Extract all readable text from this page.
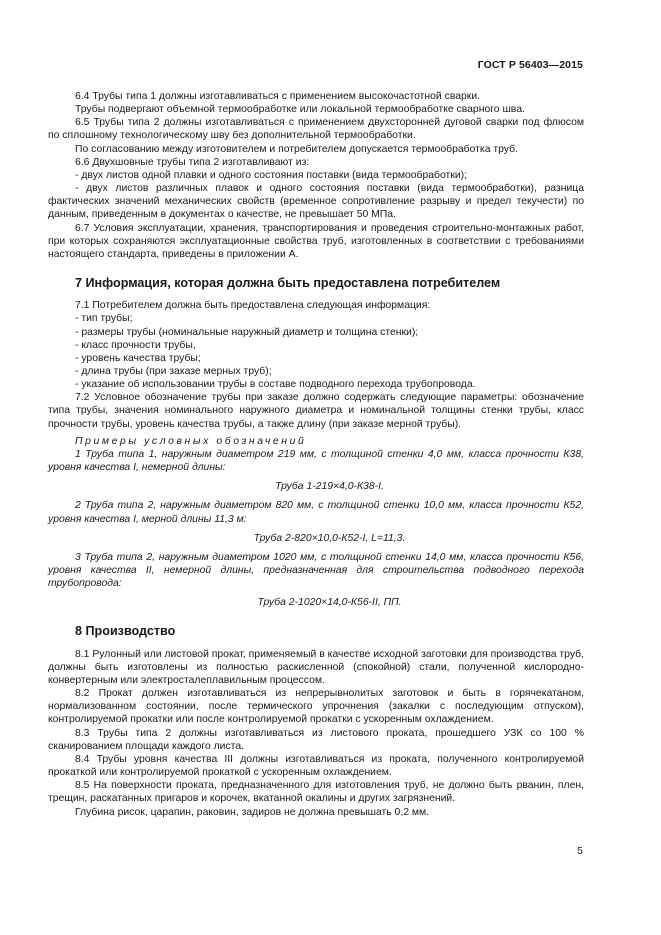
ГОСТ Р 56403—2015

6.4 Трубы типа 1 должны изготавливаться с применением высокочастотной сварки.

Трубы подвергают объемной термообработке или локальной термообработке сварного шва.

6.5 Трубы типа 2 должны изготавливаться с применением двухсторонней дуговой сварки под флюсом по сплошному технологическому шву без дополнительной термообработки.

По согласованию между изготовителем и потребителем допускается термообработка труб.

6.6 Двухшовные трубы типа 2 изготавливают из:

- двух листов одной плавки и одного состояния поставки (вида термообработки);

- двух листов различных плавок и одного состояния поставки (вида термообработки), разница фактических значений механических свойств (временное сопротивление разрыву и предел текучести) по данным, приведенным в документах о качестве, не превышает 50 МПа.

6.7 Условия эксплуатации, хранения, транспортирования и проведения строительно-монтажных работ, при которых сохраняются эксплуатационные свойства труб, изготовленных в соответствии с требованиями настоящего стандарта, приведены в приложении А.

7 Информация, которая должна быть предоставлена потребителем

7.1 Потребителем должна быть предоставлена следующая информация:

- тип трубы;

- размеры трубы (номинальные наружный диаметр и толщина стенки);

- класс прочности трубы,

- уровень качества трубы;

- длина трубы (при заказе мерных труб);

- указание об использовании трубы в составе подводного перехода трубопровода.

7.2 Условное обозначение трубы при заказе должно содержать следующие параметры: обозначение типа трубы, значения номинального наружного диаметра и номинальной толщины стенки трубы, класс прочности трубы, уровень качества трубы, а также длину (при заказе мерной трубы).

Примеры условных обозначений

1 Труба типа 1, наружным диаметром 219 мм, с толщиной стенки 4,0 мм, класса прочности К38, уровня качества I, немерной длины:

Труба 1-219×4,0-К38-I.

2 Труба типа 2, наружным диаметром 820 мм, с толщиной стенки 10,0 мм, класса прочности К52, уровня качества I, мерной длины 11,3 м:

Труба 2-820×10,0-К52-I, L=11,3.

3 Труба типа 2, наружным диаметром 1020 мм, с толщиной стенки 14,0 мм, класса прочности К56, уровня качества II, немерной длины, предназначенная для строительства подводного перехода трубопровода:

Труба 2-1020×14,0-К56-II, ПП.

8 Производство

8.1 Рулонный или листовой прокат, применяемый в качестве исходной заготовки для производства труб, должны быть изготовлены из полностью раскисленной (спокойной) стали, полученной кислородно-конвертерным или электросталеплавильным процессом.

8.2 Прокат должен изготавливаться из непрерывнолитых заготовок и быть в горячекатаном, нормализованном состоянии, после термического упрочнения (закалки с последующим отпуском), контролируемой прокатки или после контролируемой прокатки с ускоренным охлаждением.

8.3 Трубы типа 2 должны изготавливаться из листового проката, прошедшего УЗК со 100 % сканированием площади каждого листа.

8.4 Трубы уровня качества III должны изготавливаться из проката, полученного контролируемой прокаткой или контролируемой прокаткой с ускоренным охлаждением.

8.5 На поверхности проката, предназначенного для изготовления труб, не должно быть рванин, плен, трещин, раскатанных пригаров и корочек, вкатанной окалины и других загрязнений.

Глубина рисок, царапин, раковин, задиров не должна превышать 0,2 мм.

5
